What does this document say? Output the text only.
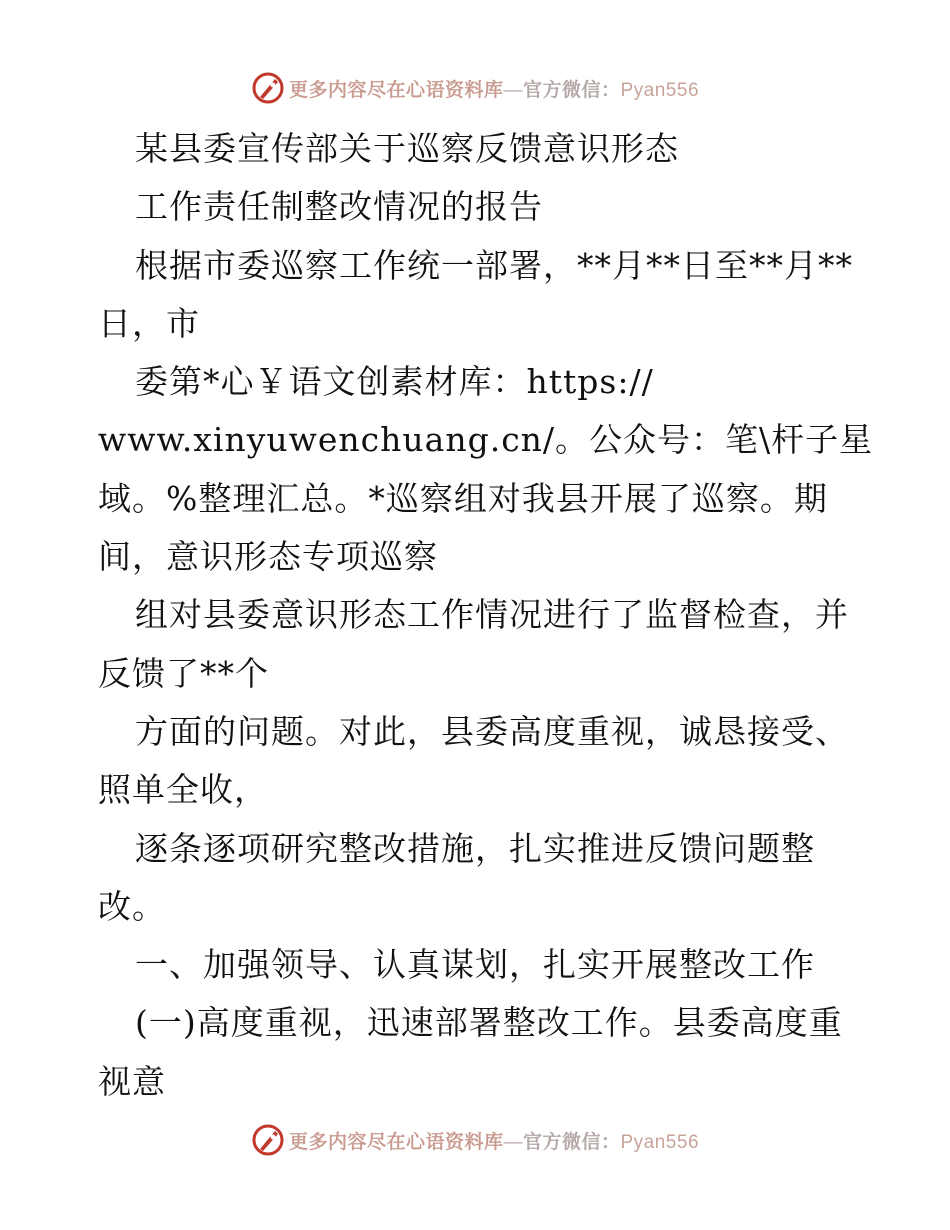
更多内容尽在心语资料库—官方微信：Pyan556
某县委宣传部关于巡察反馈意识形态
工作责任制整改情况的报告
根据市委巡察工作统一部署，**月**日至**月**
日，市
委第*心￥语文创素材库：https://
www.xinyuwenchuang.cn/。公众号：笔\杆子星
域。%整理汇总。*巡察组对我县开展了巡察。期
间，意识形态专项巡察
组对县委意识形态工作情况进行了监督检查，并
反馈了**个
方面的问题。对此，县委高度重视，诚恳接受、
照单全收，
逐条逐项研究整改措施，扎实推进反馈问题整
改。
一、加强领导、认真谋划，扎实开展整改工作
(一)高度重视，迅速部署整改工作。县委高度重
视意
更多内容尽在心语资料库—官方微信：Pyan556
